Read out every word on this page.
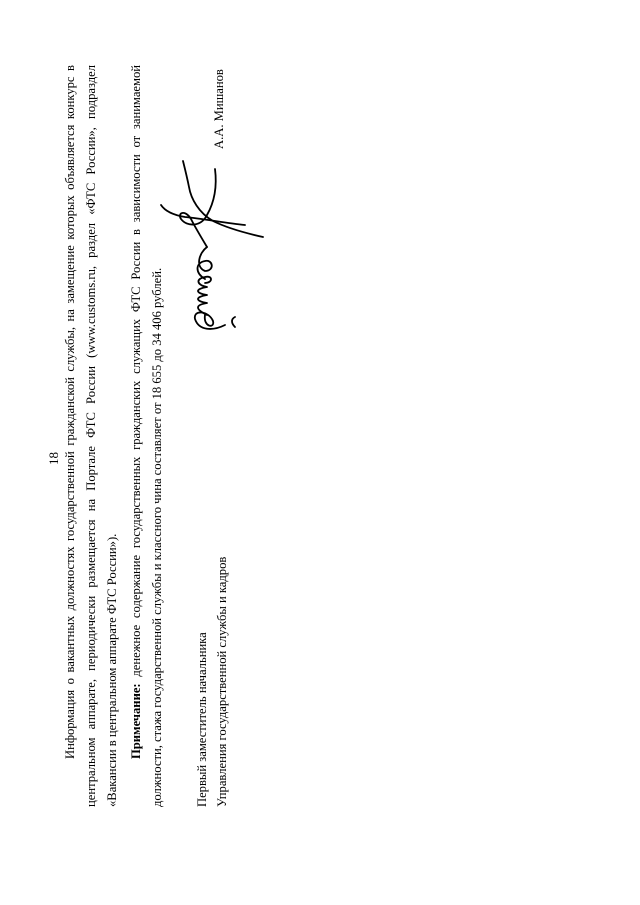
18 Информация о вакантных должностях государственной гражданской службы, на замещение которых объявляется конкурс в центральном аппарате, периодически размещается на Портале ФТС России (www.customs.ru, раздел «ФТС России», подраздел «Вакансии в центральном аппарате ФТС России»). Примечание: денежное содержание государственных гражданских служащих ФТС России в зависимости от занимаемой должности, стажа государственной службы и классного чина составляет от 18 655 до 34 406 рублей.	Первый заместитель начальника Управления государственной службы и кадров
А.А. Мишанов
